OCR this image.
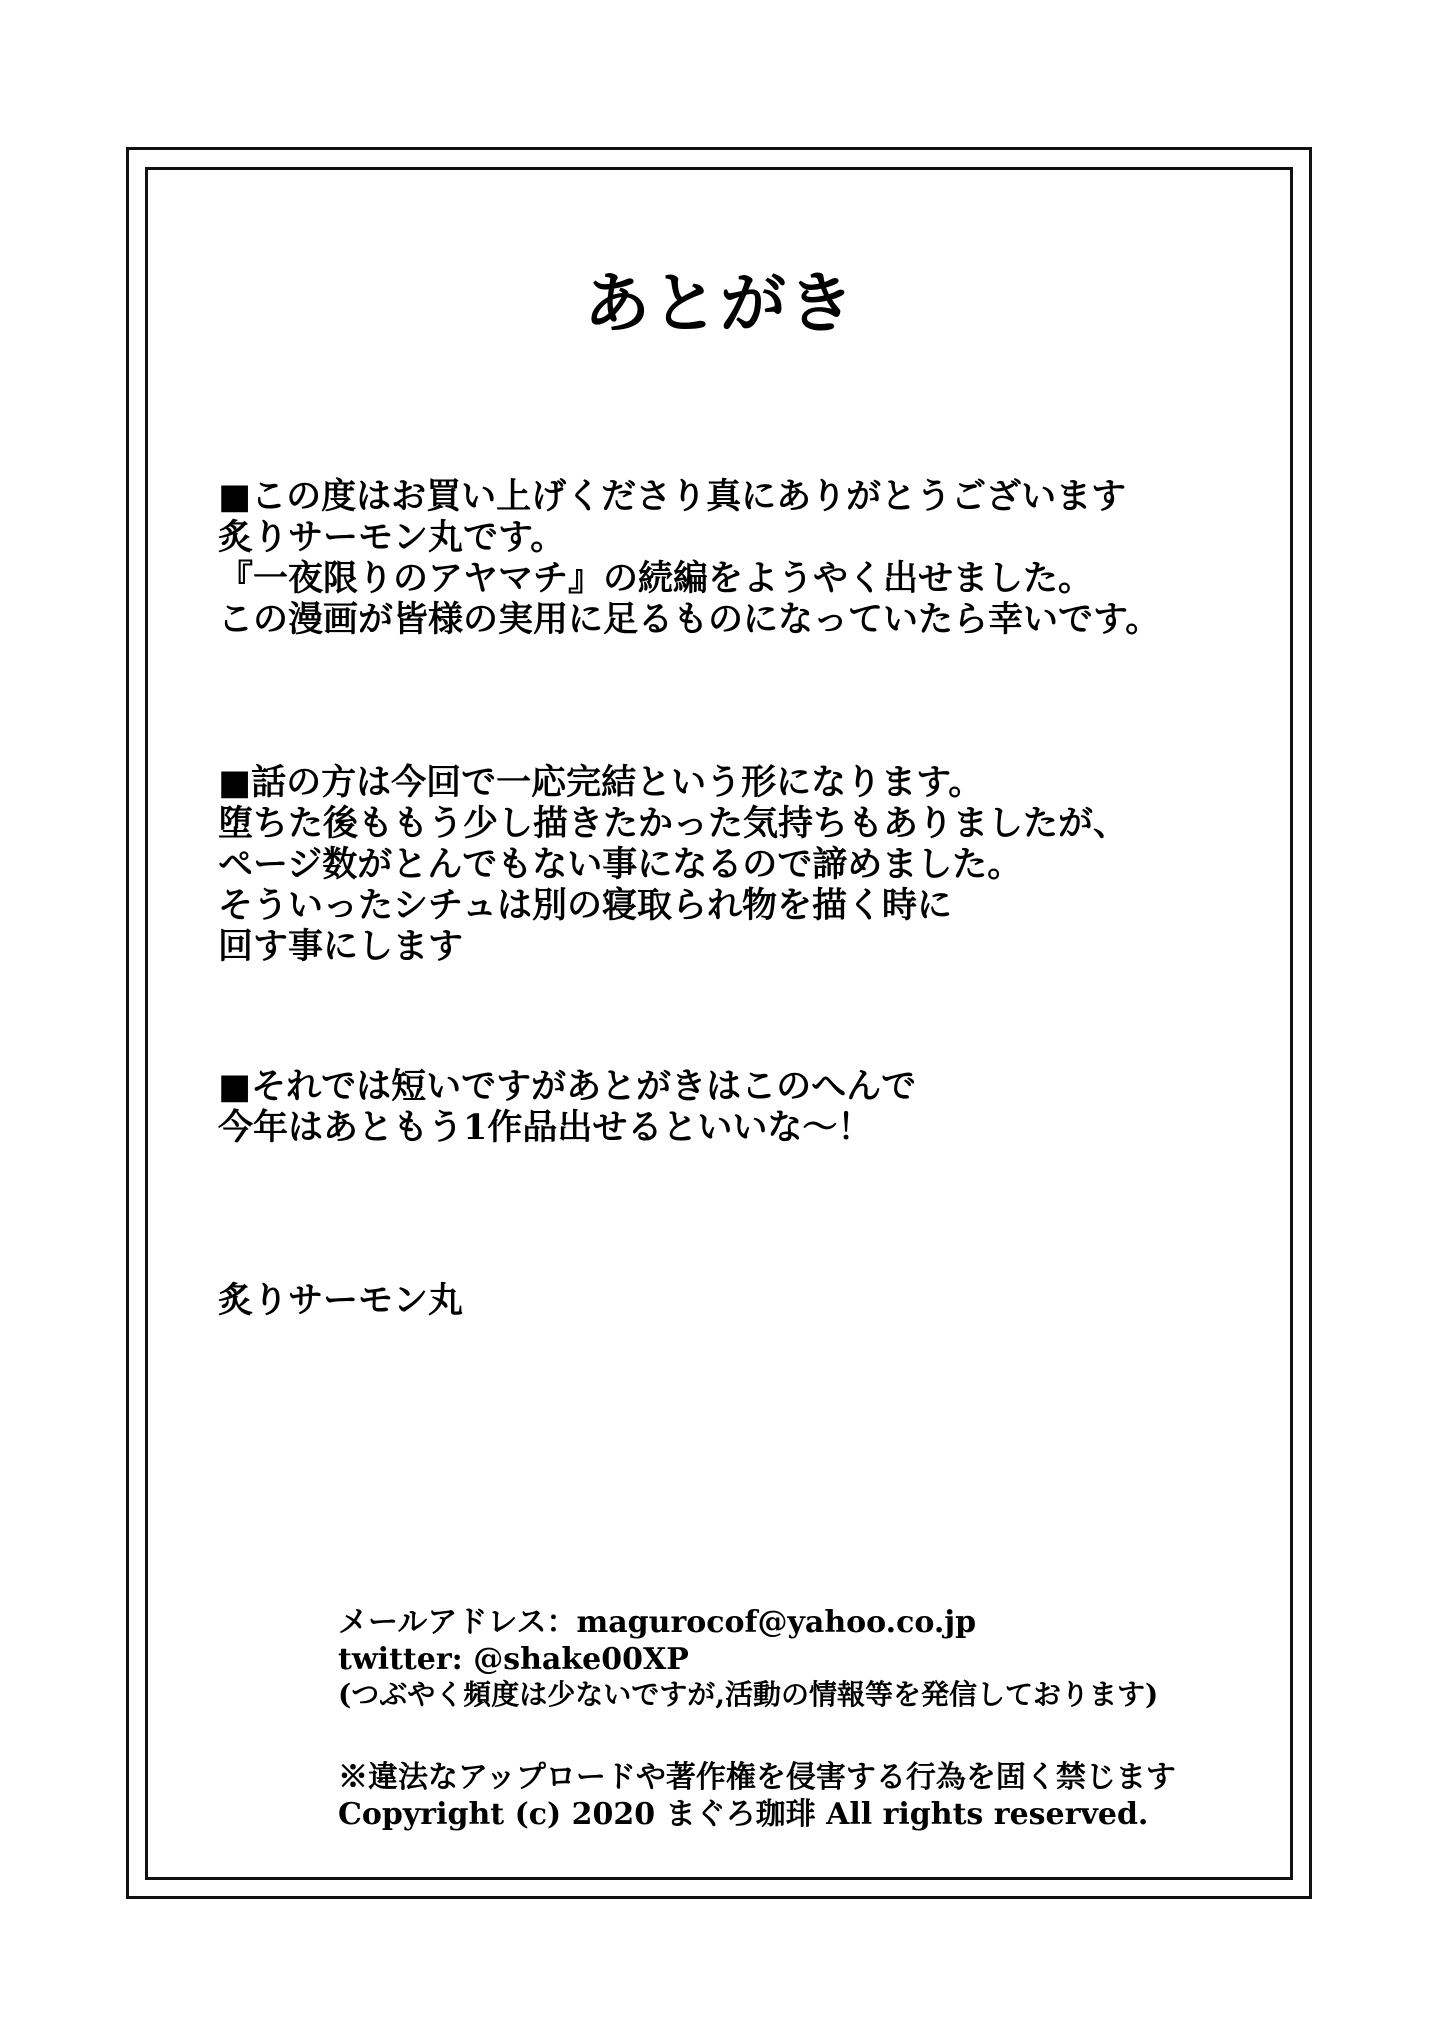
あとがき
■この度はお買い上げくださり真にありがとうございます
炙りサーモン丸です。
『一夜限りのアヤマチ』の続編をようやく出せました。
この漫画が皆様の実用に足るものになっていたら幸いです。
■話の方は今回で一応完結という形になります。
堕ちた後ももう少し描きたかった気持ちもありましたが、
ページ数がとんでもない事になるので諦めました。
そういったシチュは別の寝取られ物を描く時に
回す事にします
■それでは短いですがあとがきはこのへんで
今年はあともう1作品出せるといいな～！
炙りサーモン丸
メールアドレス：magurocof@yahoo.co.jp
twitter: @shake00XP
(つぶやく頻度は少ないですが,活動の情報等を発信しております)
※違法なアップロードや著作権を侵害する行為を固く禁じます
Copyright (c) 2020 まぐろ珈琲 All rights reserved.
